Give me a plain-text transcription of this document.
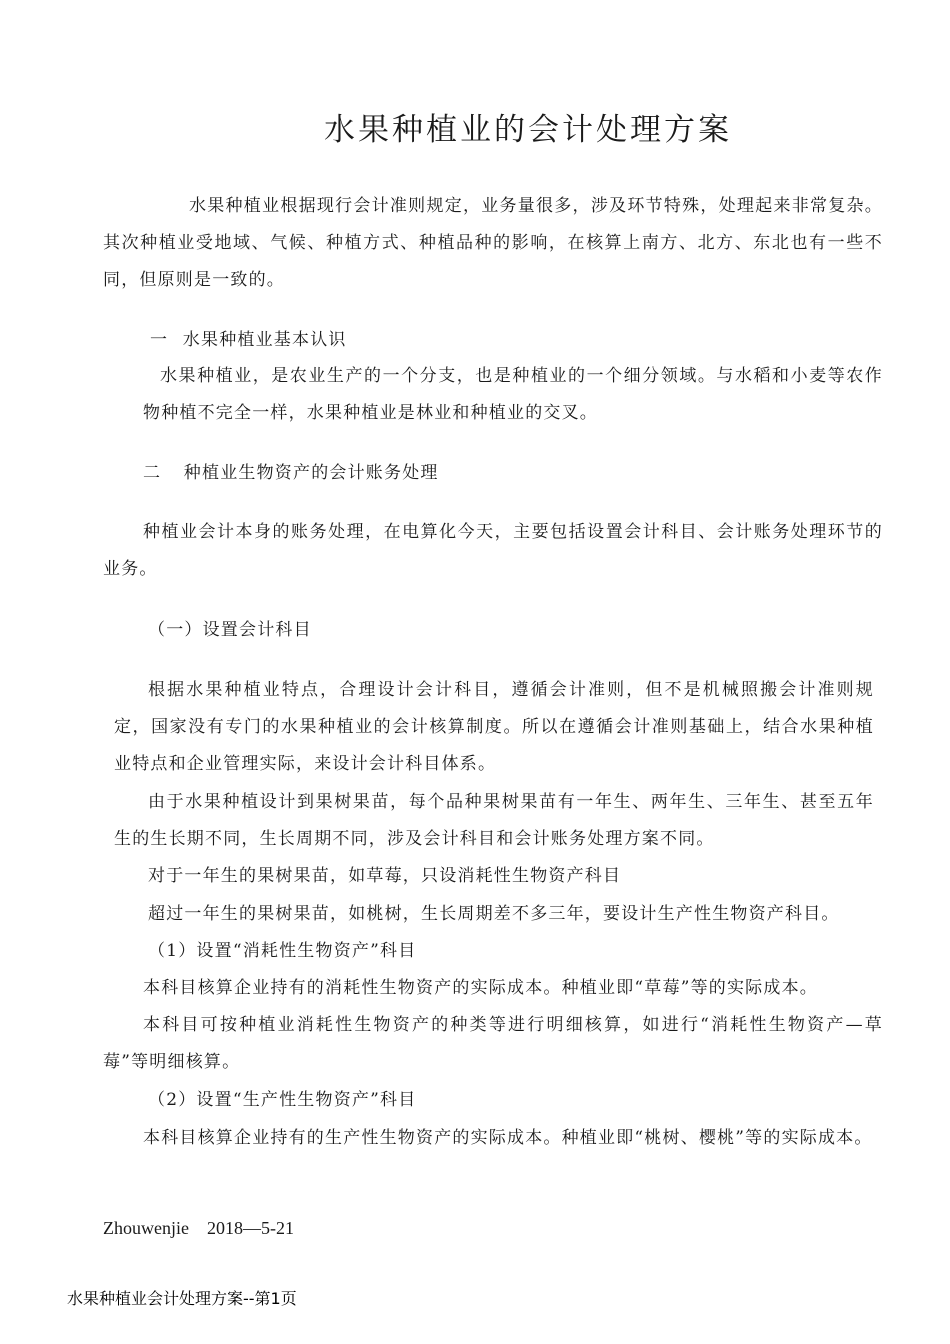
水果种植业的会计处理方案

水果种植业根据现行会计准则规定，业务量很多，涉及环节特殊，处理起来非常复杂。其次种植业受地域、气候、种植方式、种植品种的影响，在核算上南方、北方、东北也有一些不同，但原则是一致的。

一 水果种植业基本认识

水果种植业，是农业生产的一个分支，也是种植业的一个细分领域。与水稻和小麦等农作物种植不完全一样，水果种植业是林业和种植业的交叉。

二 种植业生物资产的会计账务处理

种植业会计本身的账务处理，在电算化今天，主要包括设置会计科目、会计账务处理环节的业务。

（一）设置会计科目

根据水果种植业特点，合理设计会计科目，遵循会计准则，但不是机械照搬会计准则规定，国家没有专门的水果种植业的会计核算制度。所以在遵循会计准则基础上，结合水果种植业特点和企业管理实际，来设计会计科目体系。

由于水果种植设计到果树果苗，每个品种果树果苗有一年生、两年生、三年生、甚至五年生的生长期不同，生长周期不同，涉及会计科目和会计账务处理方案不同。

对于一年生的果树果苗，如草莓，只设消耗性生物资产科目

超过一年生的果树果苗，如桃树，生长周期差不多三年，要设计生产性生物资产科目。

（1）设置“消耗性生物资产”科目

本科目核算企业持有的消耗性生物资产的实际成本。种植业即“草莓”等的实际成本。

本科目可按种植业消耗性生物资产的种类等进行明细核算，如进行“消耗性生物资产—草莓”等明细核算。

（2）设置“生产性生物资产”科目

本科目核算企业持有的生产性生物资产的实际成本。种植业即“桃树、樱桃”等的实际成本。

Zhouwenjie    2018—5-21

水果种植业会计处理方案--第1页
